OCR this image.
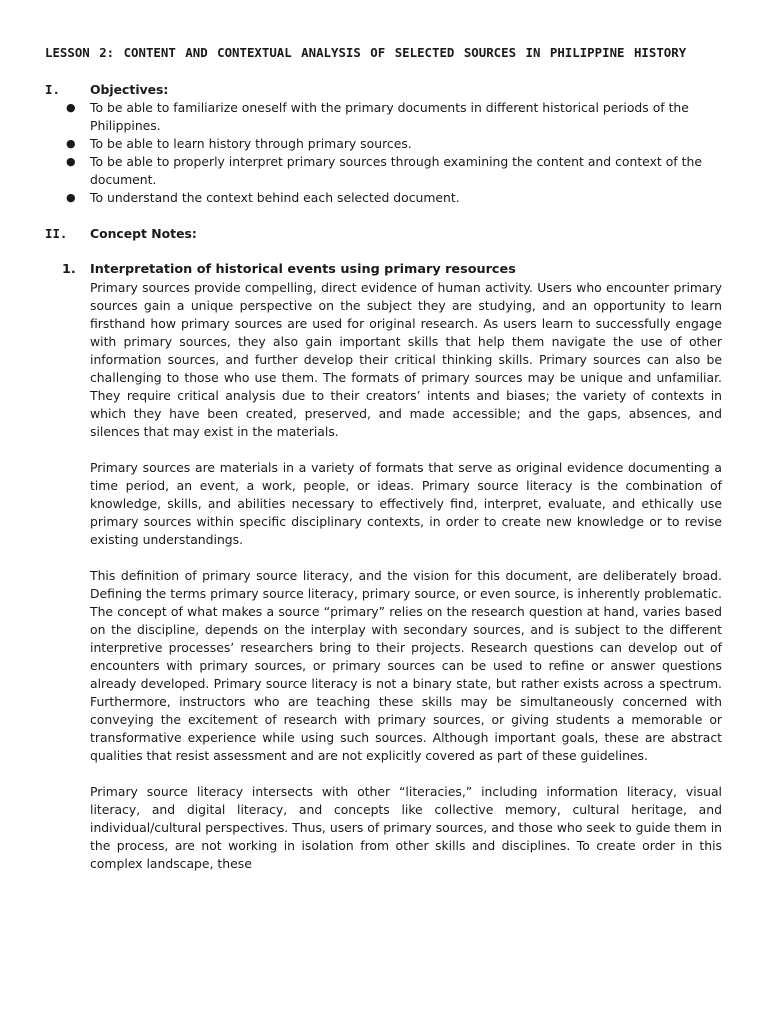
LESSON 2: CONTENT AND CONTEXTUAL ANALYSIS OF SELECTED SOURCES IN PHILIPPINE HISTORY
I.	Objectives:
● To be able to familiarize oneself with the primary documents in different historical periods of the Philippines.
● To be able to learn history through primary sources.
● To be able to properly interpret primary sources through examining the content and context of the document.
● To understand the context behind each selected document.
II.	Concept Notes:
1.	Interpretation of historical events using primary resources

Primary sources provide compelling, direct evidence of human activity. Users who encounter primary sources gain a unique perspective on the subject they are studying, and an opportunity to learn firsthand how primary sources are used for original research. As users learn to successfully engage with primary sources, they also gain important skills that help them navigate the use of other information sources, and further develop their critical thinking skills. Primary sources can also be challenging to those who use them. The formats of primary sources may be unique and unfamiliar. They require critical analysis due to their creators’ intents and biases; the variety of contexts in which they have been created, preserved, and made accessible; and the gaps, absences, and silences that may exist in the materials.

Primary sources are materials in a variety of formats that serve as original evidence documenting a time period, an event, a work, people, or ideas. Primary source literacy is the combination of knowledge, skills, and abilities necessary to effectively find, interpret, evaluate, and ethically use primary sources within specific disciplinary contexts, in order to create new knowledge or to revise existing understandings.

This definition of primary source literacy, and the vision for this document, are deliberately broad. Defining the terms primary source literacy, primary source, or even source, is inherently problematic. The concept of what makes a source “primary” relies on the research question at hand, varies based on the discipline, depends on the interplay with secondary sources, and is subject to the different interpretive processes’ researchers bring to their projects. Research questions can develop out of encounters with primary sources, or primary sources can be used to refine or answer questions already developed. Primary source literacy is not a binary state, but rather exists across a spectrum. Furthermore, instructors who are teaching these skills may be simultaneously concerned with conveying the excitement of research with primary sources, or giving students a memorable or transformative experience while using such sources. Although important goals, these are abstract qualities that resist assessment and are not explicitly covered as part of these guidelines.

Primary source literacy intersects with other “literacies,” including information literacy, visual literacy, and digital literacy, and concepts like collective memory, cultural heritage, and individual/cultural perspectives. Thus, users of primary sources, and those who seek to guide them in the process, are not working in isolation from other skills and disciplines. To create order in this complex landscape, these
